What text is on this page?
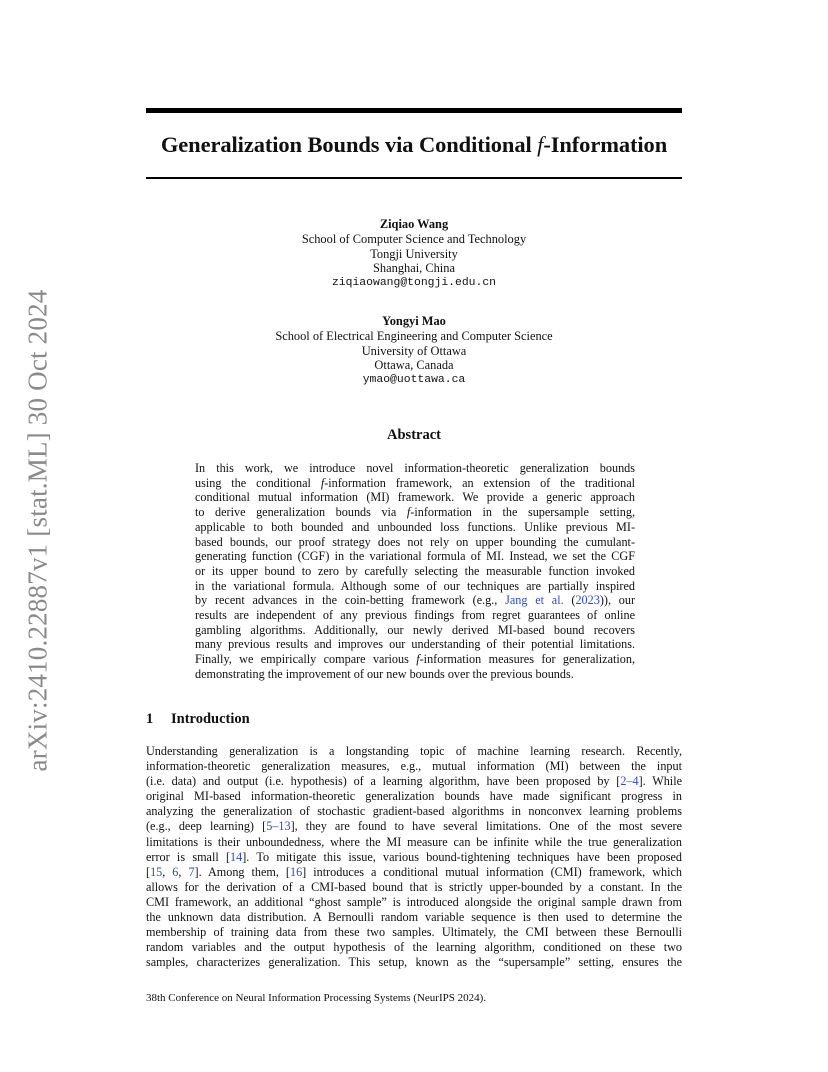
arXiv:2410.22887v1 [stat.ML] 30 Oct 2024
Generalization Bounds via Conditional f-Information
Ziqiao Wang
School of Computer Science and Technology
Tongji University
Shanghai, China
ziqiaowang@tongji.edu.cn
Yongyi Mao
School of Electrical Engineering and Computer Science
University of Ottawa
Ottawa, Canada
ymao@uottawa.ca
Abstract
In this work, we introduce novel information-theoretic generalization bounds
using the conditional f-information framework, an extension of the traditional
conditional mutual information (MI) framework. We provide a generic approach
to derive generalization bounds via f-information in the supersample setting,
applicable to both bounded and unbounded loss functions. Unlike previous MI-
based bounds, our proof strategy does not rely on upper bounding the cumulant-
generating function (CGF) in the variational formula of MI. Instead, we set the CGF
or its upper bound to zero by carefully selecting the measurable function invoked
in the variational formula. Although some of our techniques are partially inspired
by recent advances in the coin-betting framework (e.g., Jang et al. (2023)), our
results are independent of any previous findings from regret guarantees of online
gambling algorithms. Additionally, our newly derived MI-based bound recovers
many previous results and improves our understanding of their potential limitations.
Finally, we empirically compare various f-information measures for generalization,
demonstrating the improvement of our new bounds over the previous bounds.
1 Introduction
Understanding generalization is a longstanding topic of machine learning research. Recently,
information-theoretic generalization measures, e.g., mutual information (MI) between the input
(i.e. data) and output (i.e. hypothesis) of a learning algorithm, have been proposed by [2–4]. While
original MI-based information-theoretic generalization bounds have made significant progress in
analyzing the generalization of stochastic gradient-based algorithms in nonconvex learning problems
(e.g., deep learning) [5–13], they are found to have several limitations. One of the most severe
limitations is their unboundedness, where the MI measure can be infinite while the true generalization
error is small [14]. To mitigate this issue, various bound-tightening techniques have been proposed
[15, 6, 7]. Among them, [16] introduces a conditional mutual information (CMI) framework, which
allows for the derivation of a CMI-based bound that is strictly upper-bounded by a constant. In the
CMI framework, an additional “ghost sample” is introduced alongside the original sample drawn from
the unknown data distribution. A Bernoulli random variable sequence is then used to determine the
membership of training data from these two samples. Ultimately, the CMI between these Bernoulli
random variables and the output hypothesis of the learning algorithm, conditioned on these two
samples, characterizes generalization. This setup, known as the “supersample” setting, ensures the
38th Conference on Neural Information Processing Systems (NeurIPS 2024).
